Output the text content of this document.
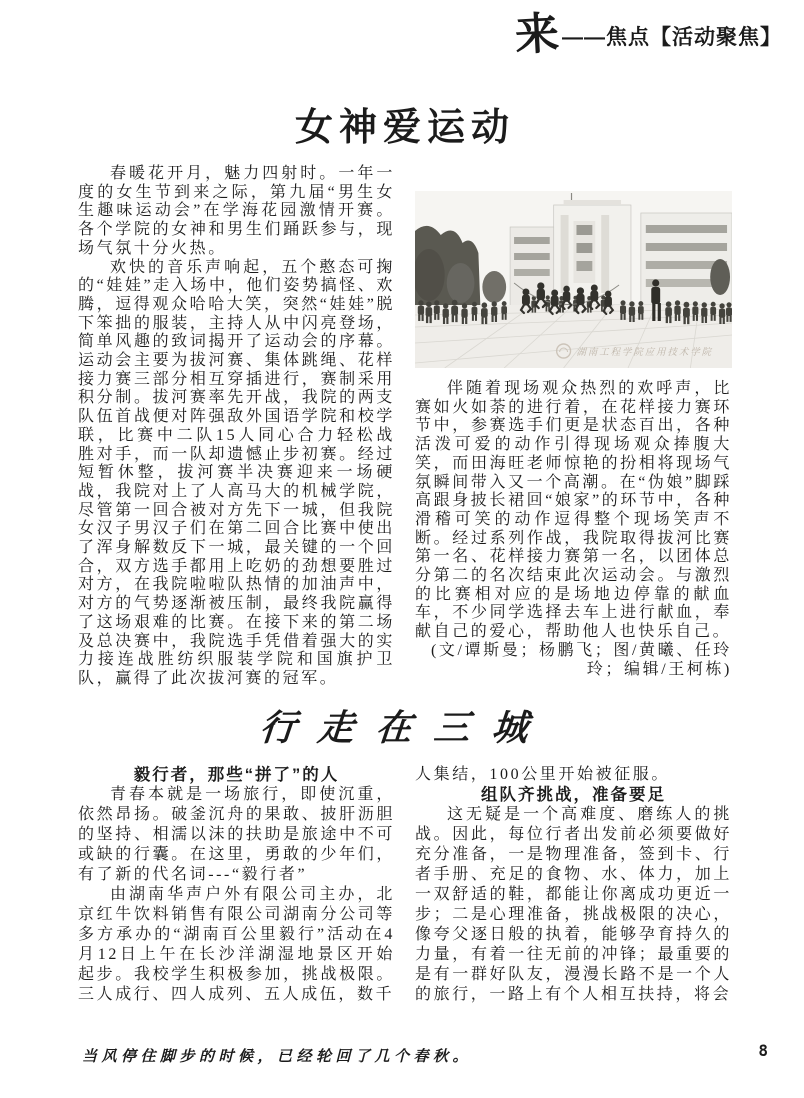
来 ——焦点【活动聚焦】
女神爱运动

春暖花开月，魅力四射时。一年一度的女生节到来之际，第九届“男生女生趣味运动会”在学海花园激情开赛。各个学院的女神和男生们踊跃参与，现场气氛十分火热。

欢快的音乐声响起，五个憨态可掬的“娃娃”走入场中，他们姿势搞怪、欢腾，逗得观众哈哈大笑，突然“娃娃”脱下笨拙的服装，主持人从中闪亮登场，简单风趣的致词揭开了运动会的序幕。运动会主要为拔河赛、集体跳绳、花样接力赛三部分相互穿插进行，赛制采用积分制。拔河赛率先开战，我院的两支队伍首战便对阵强敌外国语学院和校学联，比赛中二队15人同心合力轻松战胜对手，而一队却遗憾止步初赛。经过短暂休整，拔河赛半决赛迎来一场硬战，我院对上了人高马大的机械学院，尽管第一回合被对方先下一城，但我院女汉子男汉子们在第二回合比赛中使出了浑身解数反下一城，最关键的一个回合，双方选手都用上吃奶的劲想要胜过对方，在我院啦啦队热情的加油声中，对方的气势逐渐被压制，最终我院赢得了这场艰难的比赛。在接下来的第二场及总决赛中，我院选手凭借着强大的实力接连战胜纺织服装学院和国旗护卫队，赢得了此次拔河赛的冠军。

湖南工程学院应用技术学院

伴随着现场观众热烈的欢呼声，比赛如火如荼的进行着，在花样接力赛环节中，参赛选手们更是状态百出，各种活泼可爱的动作引得现场观众捧腹大笑，而田海旺老师惊艳的扮相将现场气氛瞬间带入又一个高潮。在“伪娘”脚踩高跟身披长裙回“娘家”的环节中，各种滑稽可笑的动作逗得整个现场笑声不断。经过系列作战，我院取得拔河比赛第一名、花样接力赛第一名，以团体总分第二的名次结束此次运动会。与激烈的比赛相对应的是场地边停靠的献血车，不少同学选择去车上进行献血，奉献自己的爱心，帮助他人也快乐自己。

(文/谭斯曼；杨鹏飞；图/黄曦、任玲玲；编辑/王柯栋)

行走在三城
毅行者，那些“拼了”的人

青春本就是一场旅行，即使沉重，依然昂扬。破釜沉舟的果敢、披肝沥胆的坚持、相濡以沫的扶助是旅途中不可或缺的行囊。在这里，勇敢的少年们，有了新的代名词---“毅行者”

由湖南华声户外有限公司主办，北京红牛饮料销售有限公司湖南分公司等多方承办的“湖南百公里毅行”活动在4月12日上午在长沙洋湖湿地景区开始起步。我校学生积极参加，挑战极限。三人成行、四人成列、五人成伍，数千

人集结，100公里开始被征服。

组队齐挑战，准备要足

这无疑是一个高难度、磨练人的挑战。因此，每位行者出发前必须要做好充分准备，一是物理准备，签到卡、行者手册、充足的食物、水、体力，加上一双舒适的鞋，都能让你离成功更近一步；二是心理准备，挑战极限的决心，像夸父逐日般的执着，能够孕育持久的力量，有着一往无前的冲锋；最重要的是有一群好队友，漫漫长路不是一个人的旅行，一路上有个人相互扶持，将会

当风停住脚步的时候，已经轮回了几个春秋。	8
